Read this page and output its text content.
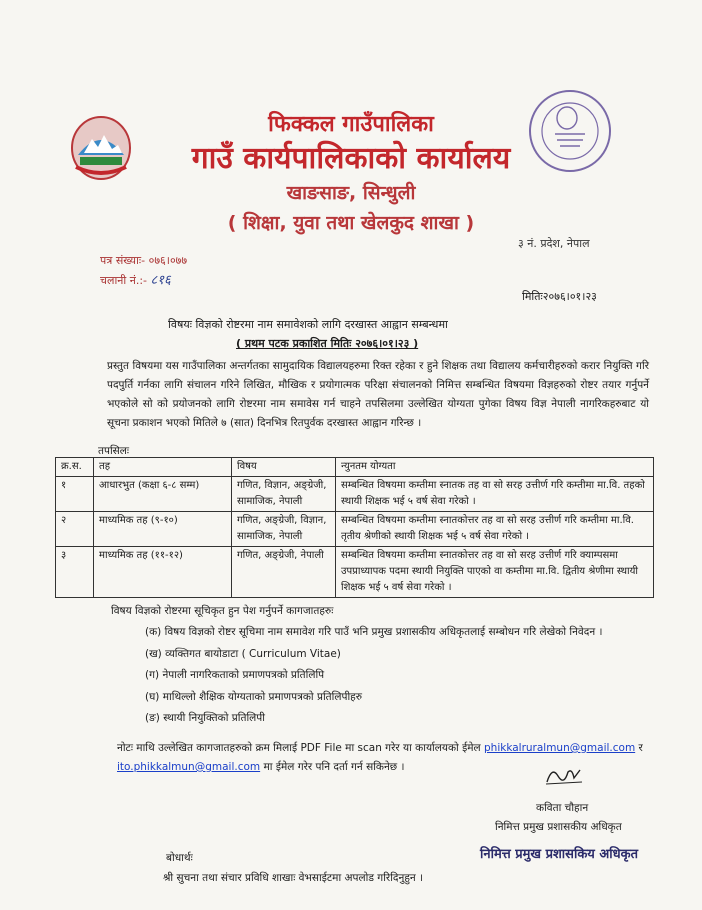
फिक्कल गाउँपालिका
गाउँ कार्यपालिकाको कार्यालय
खाङसाङ, सिन्धुली
( शिक्षा, युवा तथा खेलकुद शाखा )
३ नं. प्रदेश, नेपाल
पत्र संख्याः- ०७६।०७७
चलानी नं.:- ८१६
मितिः२०७६।०१।२३
विषयः विज्ञको रोष्टरमा नाम समावेशको लागि दरखास्त आह्वान सम्बन्धमा
( प्रथम पटक प्रकाशित मितिः २०७६।०१।२३ )
प्रस्तुत विषयमा यस गाउँपालिका अन्तर्गतका सामुदायिक विद्यालयहरुमा रिक्त रहेका र हुने शिक्षक तथा विद्यालय कर्मचारीहरुको करार नियुक्ति गरि पदपुर्ति गर्नका लागि संचालन गरिने लिखित, मौखिक र प्रयोगात्मक परिक्षा संचालनको निमित्त सम्बन्धित विषयमा विज्ञहरुको रोष्टर तयार गर्नुपर्ने भएकोले सो को प्रयोजनको लागि रोष्टरमा नाम समावेस गर्न चाहने तपसिलमा उल्लेखित योग्यता पुगेका विषय विज्ञ नेपाली नागरिकहरुबाट यो सूचना प्रकाशन भएको मितिले ७ (सात) दिनभित्र रितपुर्वक दरखास्त आह्वान गरिन्छ ।
तपसिलः
क्र.स.	तह	विषय	न्युनतम योग्यता
१	आधारभुत (कक्षा ६-८ सम्म)	गणित, विज्ञान, अङ्ग्रेजी, सामाजिक, नेपाली	सम्बन्धित विषयमा कम्तीमा स्नातक तह वा सो सरह उत्तीर्ण गरि कम्तीमा मा.वि. तहको स्थायी शिक्षक भई ५ वर्ष सेवा गरेको ।
२	माध्यमिक तह (९-१०)	गणित, अङ्ग्रेजी, विज्ञान, सामाजिक, नेपाली	सम्बन्धित विषयमा कम्तीमा स्नातकोत्तर तह वा सो सरह उत्तीर्ण गरि कम्तीमा मा.वि. तृतीय श्रेणीको स्थायी शिक्षक भई ५ वर्ष सेवा गरेको ।
३	माध्यमिक तह (११-१२)	गणित, अङ्ग्रेजी, नेपाली	सम्बन्धित विषयमा कम्तीमा स्नातकोत्तर तह वा सो सरह उत्तीर्ण गरि क्याम्पसमा उपप्राध्यापक पदमा स्थायी नियुक्ति पाएको वा कम्तीमा मा.वि. द्वितीय श्रेणीमा स्थायी शिक्षक भई ५ वर्ष सेवा गरेको ।
विषय विज्ञको रोष्टरमा सूचिकृत हुन पेश गर्नुपर्ने कागजातहरुः
(क) विषय विज्ञको रोष्टर सूचिमा नाम समावेश गरि पाउँ भनि प्रमुख प्रशासकीय अधिकृतलाई सम्बोधन गरि लेखेको निवेदन ।
(ख) व्यक्तिगत बायोडाटा ( Curriculum Vitae)
(ग) नेपाली नागरिकताको प्रमाणपत्रको प्रतिलिपि
(घ) माथिल्लो शैक्षिक योग्यताको प्रमाणपत्रको प्रतिलिपीहरु
(ङ) स्थायी नियुक्तिको प्रतिलिपी
नोटः माथि उल्लेखित कागजातहरुको क्रम मिलाई PDF File मा scan गरेर या कार्यालयको ईमेल phikkalruralmun@gmail.com र ito.phikkalmun@gmail.com मा ईमेल गरेर पनि दर्ता गर्न सकिनेछ ।
कविता चौहान
निमित्त प्रमुख प्रशासकीय अधिकृत
निमित्त प्रमुख प्रशासकिय अधिकृत
बोधार्थः
श्री सुचना तथा संचार प्रविधि शाखाः वेभसाईटमा अपलोड गरिदिनुहुन ।
